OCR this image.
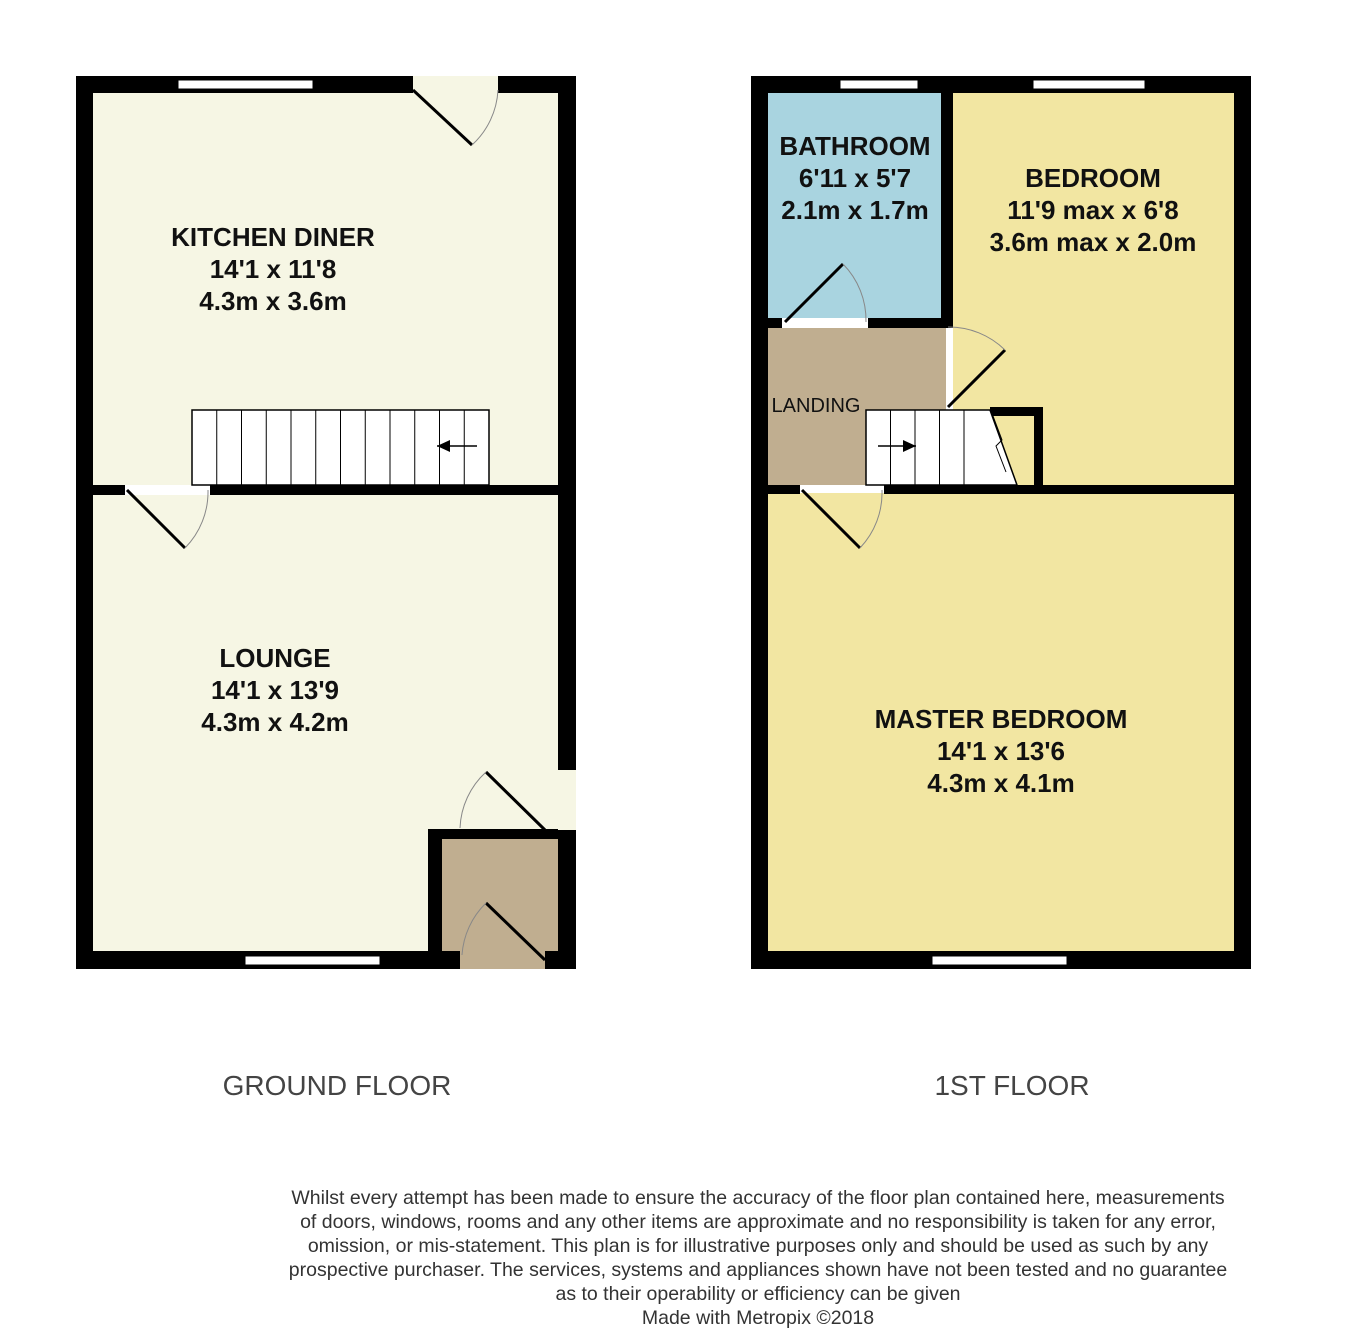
KITCHEN DINER
14'1 x 11'8
4.3m x 3.6m
LOUNGE
14'1 x 13'9
4.3m x 4.2m
GROUND FLOOR
BATHROOM
6'11 x 5'7
2.1m x 1.7m
BEDROOM
11'9 max x 6'8
3.6m max x 2.0m
LANDING
MASTER BEDROOM
14'1 x 13'6
4.3m x 4.1m
1ST FLOOR
Whilst every attempt has been made to ensure the accuracy of the floor plan contained here, measurements
of doors, windows, rooms and any other items are approximate and no responsibility is taken for any error,
omission, or mis-statement. This plan is for illustrative purposes only and should be used as such by any
prospective purchaser. The services, systems and appliances shown have not been tested and no guarantee
as to their operability or efficiency can be given
Made with Metropix ©2018
